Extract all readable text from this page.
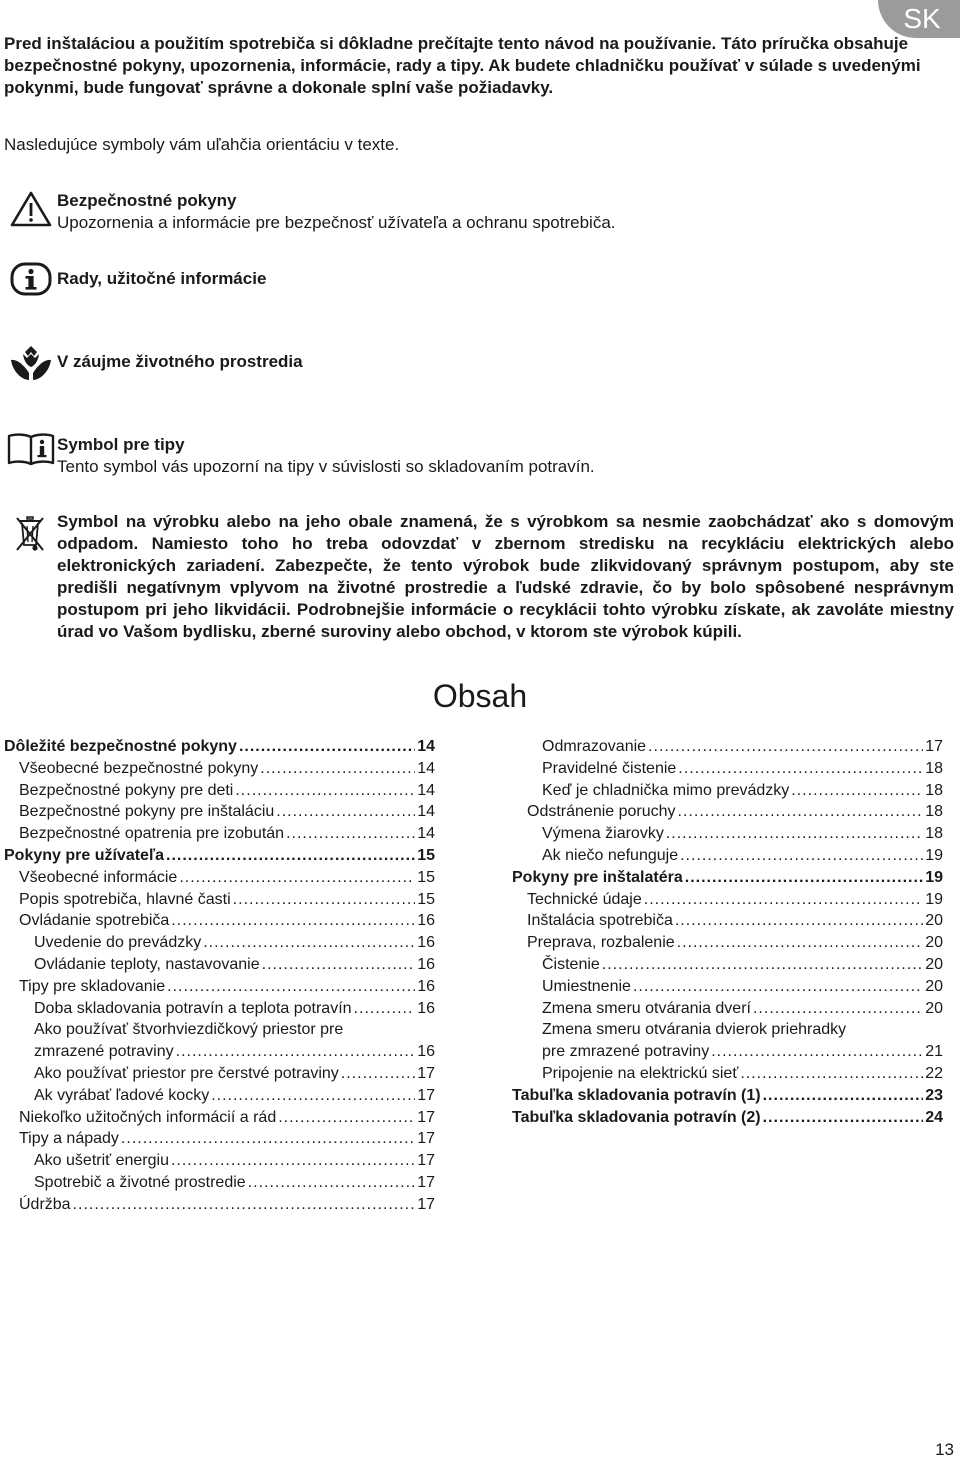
SK

Pred inštaláciou a použitím spotrebiča si dôkladne prečítajte tento návod na používanie. Táto príručka obsahuje bezpečnostné pokyny, upozornenia, informácie, rady a tipy. Ak budete chladničku používať v súlade s uvedenými pokynmi, bude fungovať správne a dokonale splní vaše požiadavky.

Nasledujúce symboly vám uľahčia orientáciu v texte.

Bezpečnostné pokyny

Upozornenia a informácie pre bezpečnosť užívateľa a ochranu spotrebiča.

Rady, užitočné informácie

V záujme životného prostredia

Symbol pre tipy

Tento symbol vás upozorní na tipy v súvislosti so skladovaním potravín.

Symbol na výrobku alebo na jeho obale znamená, že s výrobkom sa nesmie zaobchádzať ako s domovým odpadom. Namiesto toho ho treba odovzdať v zbernom stredisku na recykláciu elektrických alebo elektronických zariadení. Zabezpečte, že tento výrobok bude zlikvidovaný správnym postupom, aby ste predišli negatívnym vplyvom na životné prostredie a ľudské zdravie, čo by bolo spôsobené nesprávnym postupom pri jeho likvidácii. Podrobnejšie informácie o recyklácii tohto výrobku získate, ak zavoláte miestny úrad vo Vašom bydlisku, zberné suroviny alebo obchod, v ktorom ste výrobok kúpili.

Obsah
Dôležité bezpečnostné pokyny .....	14
Všeobecné bezpečnostné pokyny .....	14
Bezpečnostné pokyny pre deti .....	14
Bezpečnostné pokyny pre inštaláciu .....	14
Bezpečnostné opatrenia pre izobután .....	14
Pokyny pre užívateľa .....	15
Všeobecné informácie .....	15
Popis spotrebiča, hlavné časti .....	15
Ovládanie spotrebiča .....	16
Uvedenie do prevádzky .....	16
Ovládanie teploty, nastavovanie .....	16
Tipy pre skladovanie .....	16
Doba skladovania potravín a teplota potravín .....	16
Ako používať štvorhviezdičkový priestor pre
zmrazené potraviny .....	16
Ako používať priestor pre čerstvé potraviny .....	17
Ak vyrábať ľadové kocky .....	17
Niekoľko užitočných informácií a rád .....	17
Tipy a nápady .....	17
Ako ušetriť energiu .....	17
Spotrebič a životné prostredie .....	17
Údržba .....	17
Odmrazovanie .....	17
Pravidelné čistenie .....	18
Keď je chladnička mimo prevádzky .....	18
Odstránenie poruchy .....	18
Výmena žiarovky .....	18
Ak niečo nefunguje .....	19
Pokyny pre inštalatéra .....	19
Technické údaje .....	19
Inštalácia spotrebiča .....	20
Preprava, rozbalenie .....	20
Čistenie .....	20
Umiestnenie .....	20
Zmena smeru otvárania dverí .....	20
Zmena smeru otvárania dvierok priehradky
pre zmrazené potraviny .....	21
Pripojenie na elektrickú sieť .....	22
Tabuľka skladovania potravín (1) .....	23
Tabuľka skladovania potravín (2) .....	24

13
